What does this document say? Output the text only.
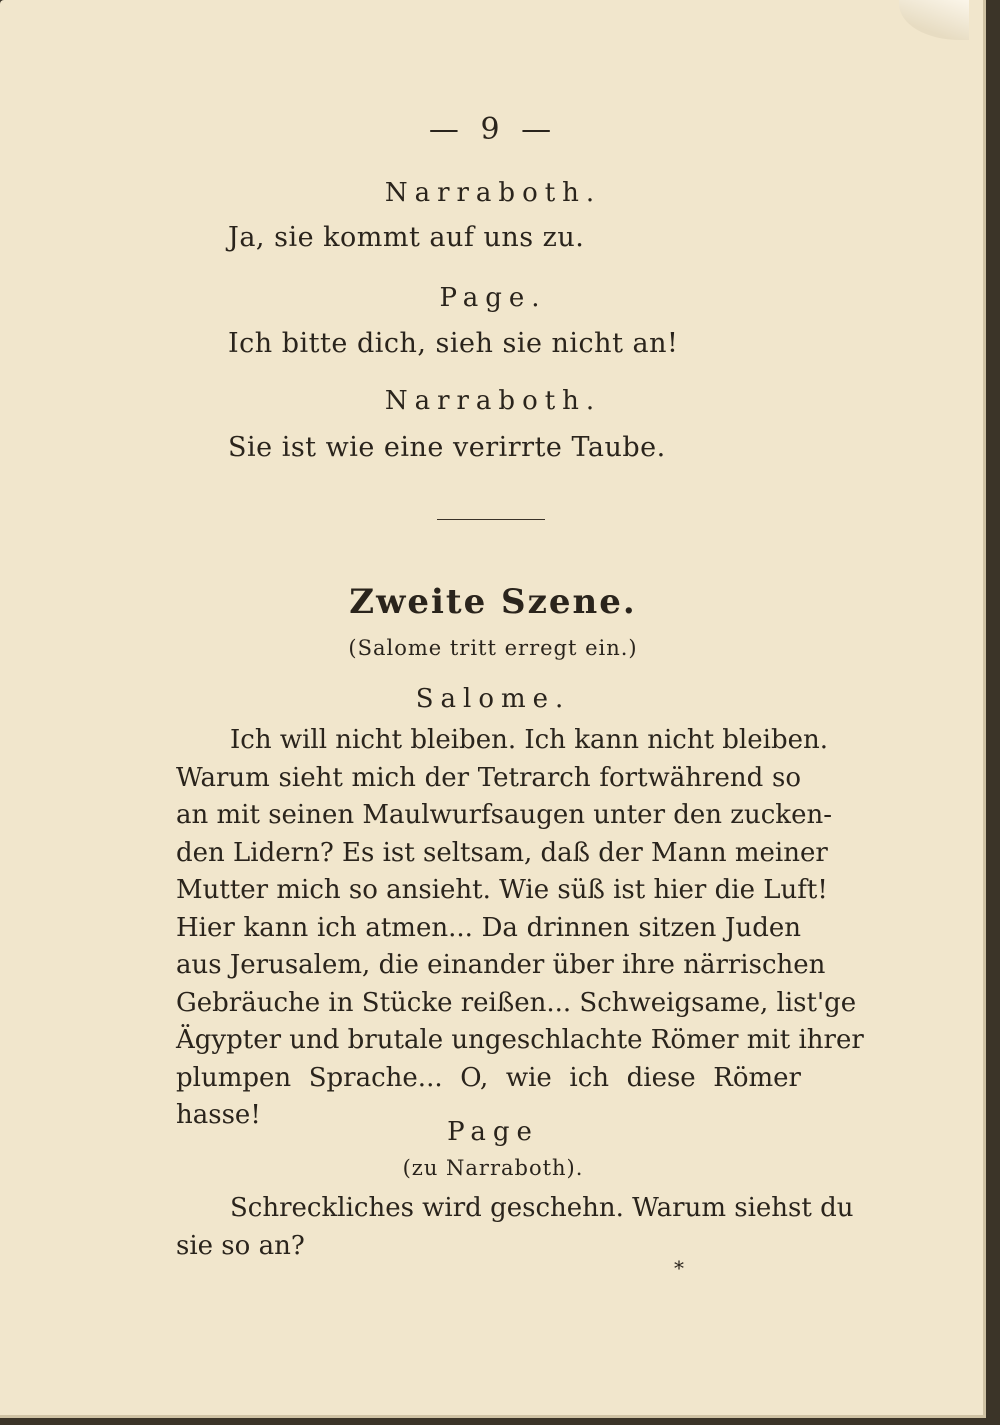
— 9 —
Narraboth.
Ja, sie kommt auf uns zu.
Page.
Ich bitte dich, sieh sie nicht an!
Narraboth.
Sie ist wie eine verirrte Taube.
Zweite Szene.
(Salome tritt erregt ein.)
Salome.
Ich will nicht bleiben. Ich kann nicht bleiben.
Warum sieht mich der Tetrarch fortwährend so
an mit seinen Maulwurfsaugen unter den zucken-
den Lidern? Es ist seltsam, daß der Mann meiner
Mutter mich so ansieht. Wie süß ist hier die Luft!
Hier kann ich atmen... Da drinnen sitzen Juden
aus Jerusalem, die einander über ihre närrischen
Gebräuche in Stücke reißen... Schweigsame, list'ge
Ägypter und brutale ungeschlachte Römer mit ihrer
plumpen Sprache... O, wie ich diese Römer
hasse!
Page
(zu Narraboth).
Schreckliches wird geschehn. Warum siehst du
sie so an?
*
